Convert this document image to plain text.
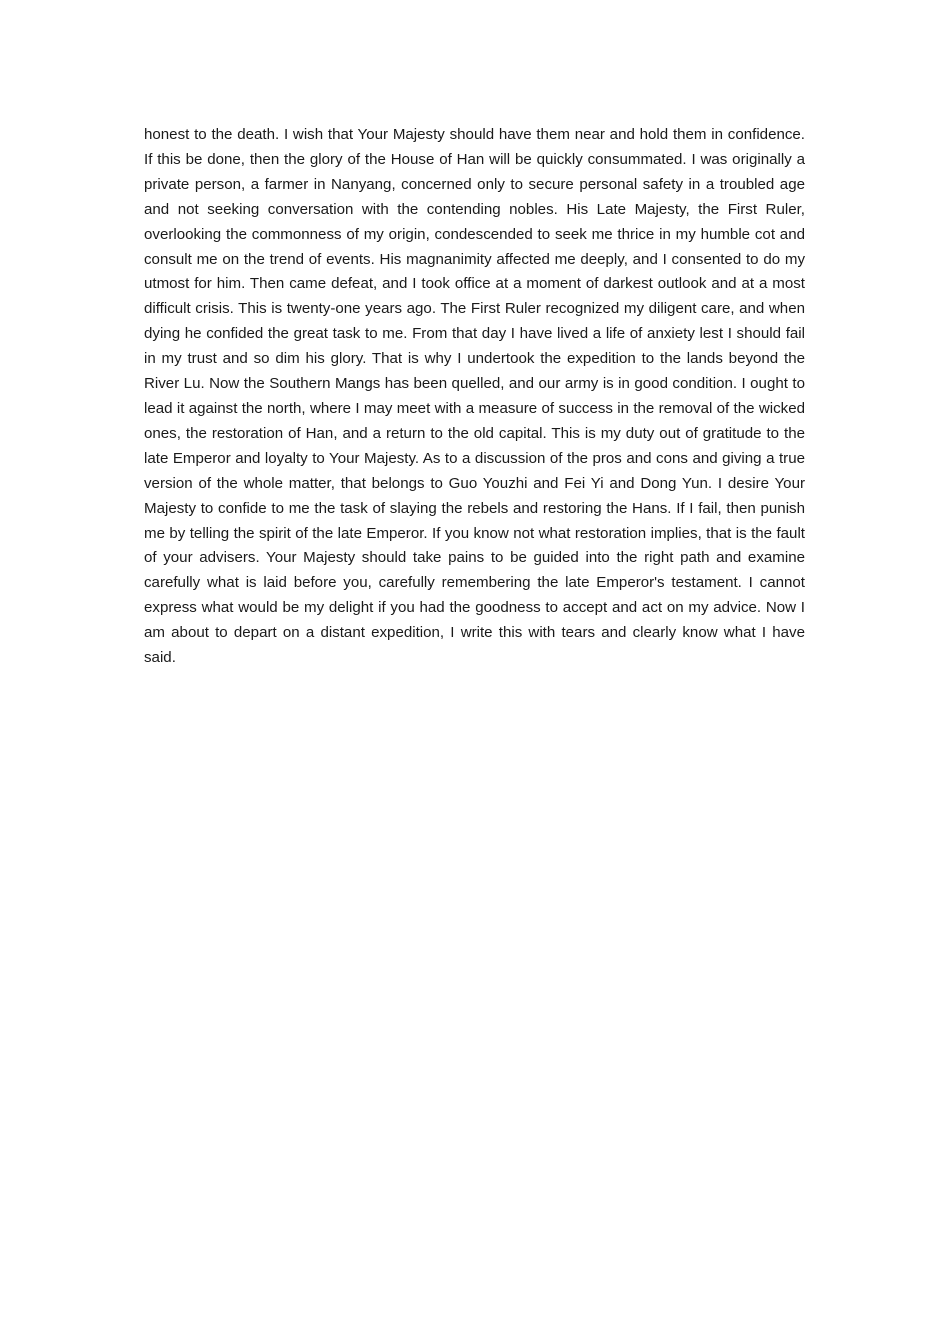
honest to the death. I wish that Your Majesty should have them near and hold them in confidence. If this be done, then the glory of the House of Han will be quickly consummated. I was originally a private person, a farmer in Nanyang, concerned only to secure personal safety in a troubled age and not seeking conversation with the contending nobles. His Late Majesty, the First Ruler, overlooking the commonness of my origin, condescended to seek me thrice in my humble cot and consult me on the trend of events. His magnanimity affected me deeply, and I consented to do my utmost for him. Then came defeat, and I took office at a moment of darkest outlook and at a most difficult crisis. This is twenty-one years ago. The First Ruler recognized my diligent care, and when dying he confided the great task to me. From that day I have lived a life of anxiety lest I should fail in my trust and so dim his glory. That is why I undertook the expedition to the lands beyond the River Lu. Now the Southern Mangs has been quelled, and our army is in good condition. I ought to lead it against the north, where I may meet with a measure of success in the removal of the wicked ones, the restoration of Han, and a return to the old capital. This is my duty out of gratitude to the late Emperor and loyalty to Your Majesty. As to a discussion of the pros and cons and giving a true version of the whole matter, that belongs to Guo Youzhi and Fei Yi and Dong Yun. I desire Your Majesty to confide to me the task of slaying the rebels and restoring the Hans. If I fail, then punish me by telling the spirit of the late Emperor. If you know not what restoration implies, that is the fault of your advisers. Your Majesty should take pains to be guided into the right path and examine carefully what is laid before you, carefully remembering the late Emperor's testament. I cannot express what would be my delight if you had the goodness to accept and act on my advice. Now I am about to depart on a distant expedition, I write this with tears and clearly know what I have said.
